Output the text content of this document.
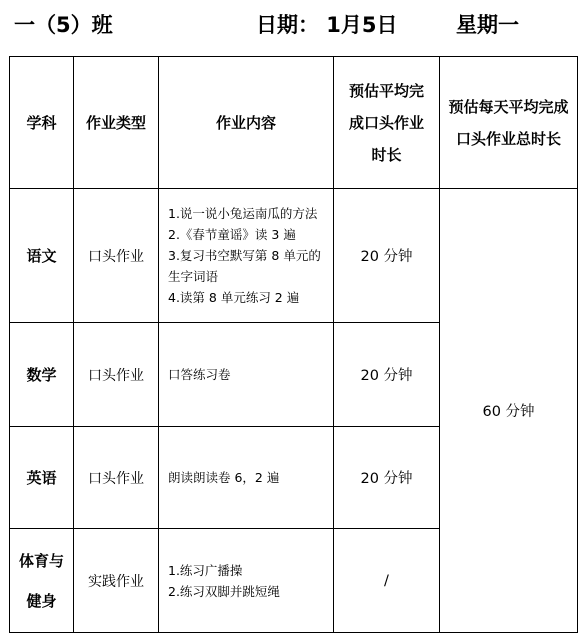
一（5）班	日期： 1月5日	星期一
学科	作业类型	作业内容	预估平均完成口头作业时长	预估每天平均完成口头作业总时长
语文	口头作业	1.说一说小兔运南瓜的方法
2.《春节童谣》读 3 遍
3.复习书空默写第 8 单元的生字词语
4.读第 8 单元练习 2 遍	20 分钟	60 分钟
数学	口头作业	口答练习卷	20 分钟	
英语	口头作业	朗读朗读卷 6，2 遍	20 分钟	
体育与健身	实践作业	1.练习广播操
2.练习双脚并跳短绳	/	
